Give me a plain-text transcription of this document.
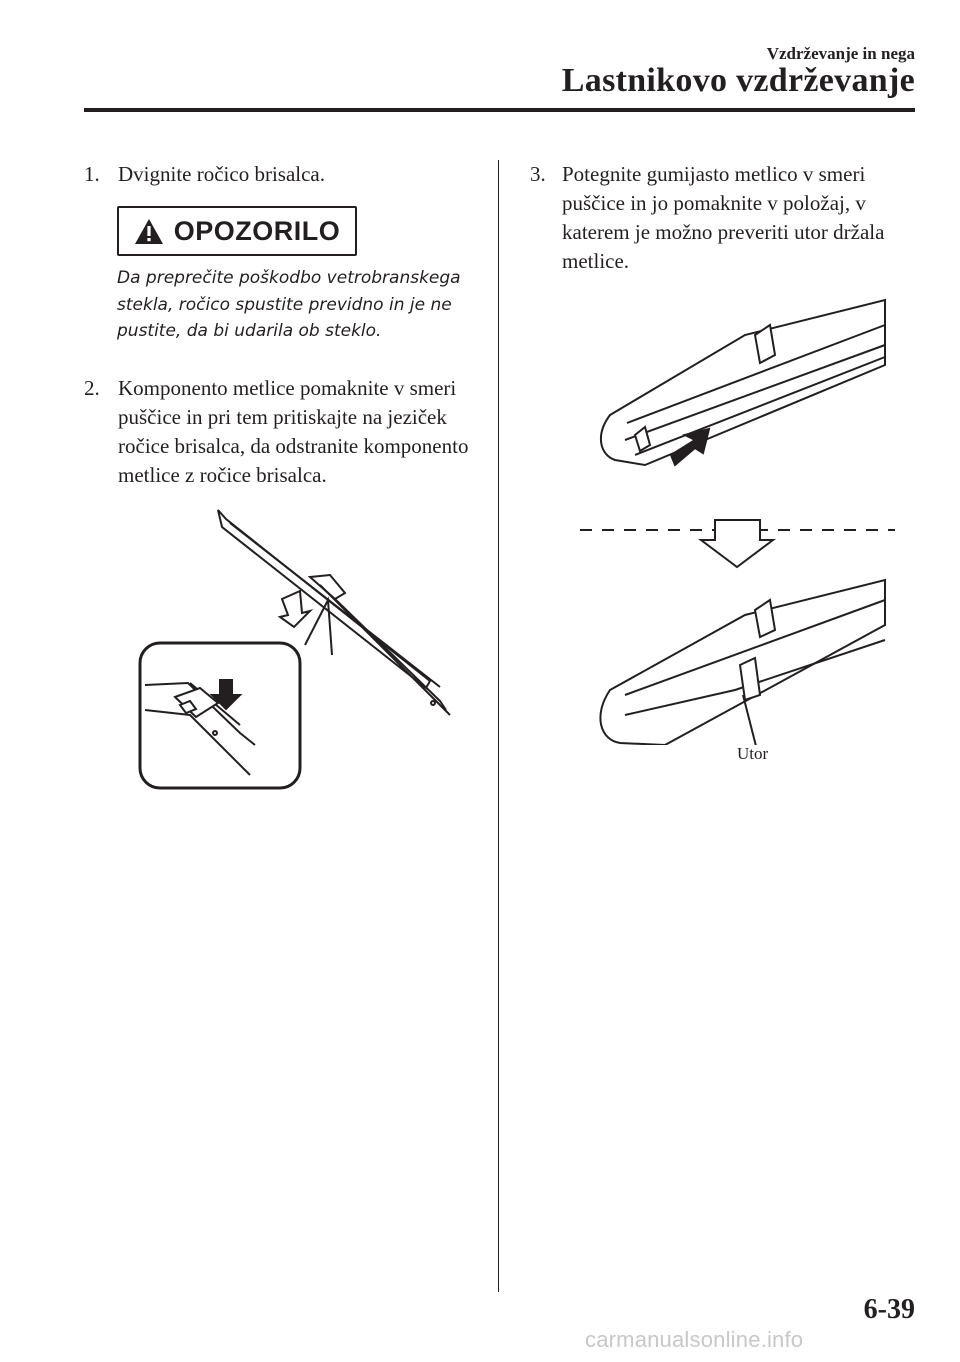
Vzdrževanje in nega
Lastnikovo vzdrževanje
1. Dvignite ročico brisalca.
OPOZORILO
Da preprečite poškodbo vetrobranskega stekla, ročico spustite previdno in je ne pustite, da bi udarila ob steklo.
2. Komponento metlice pomaknite v smeri puščice in pri tem pritiskajte na jeziček ročice brisalca, da odstranite komponento metlice z ročice brisalca.
3. Potegnite gumijasto metlico v smeri puščice in jo pomaknite v položaj, v katerem je možno preveriti utor držala metlice.
Utor
6-39
carmanualsonline.info
